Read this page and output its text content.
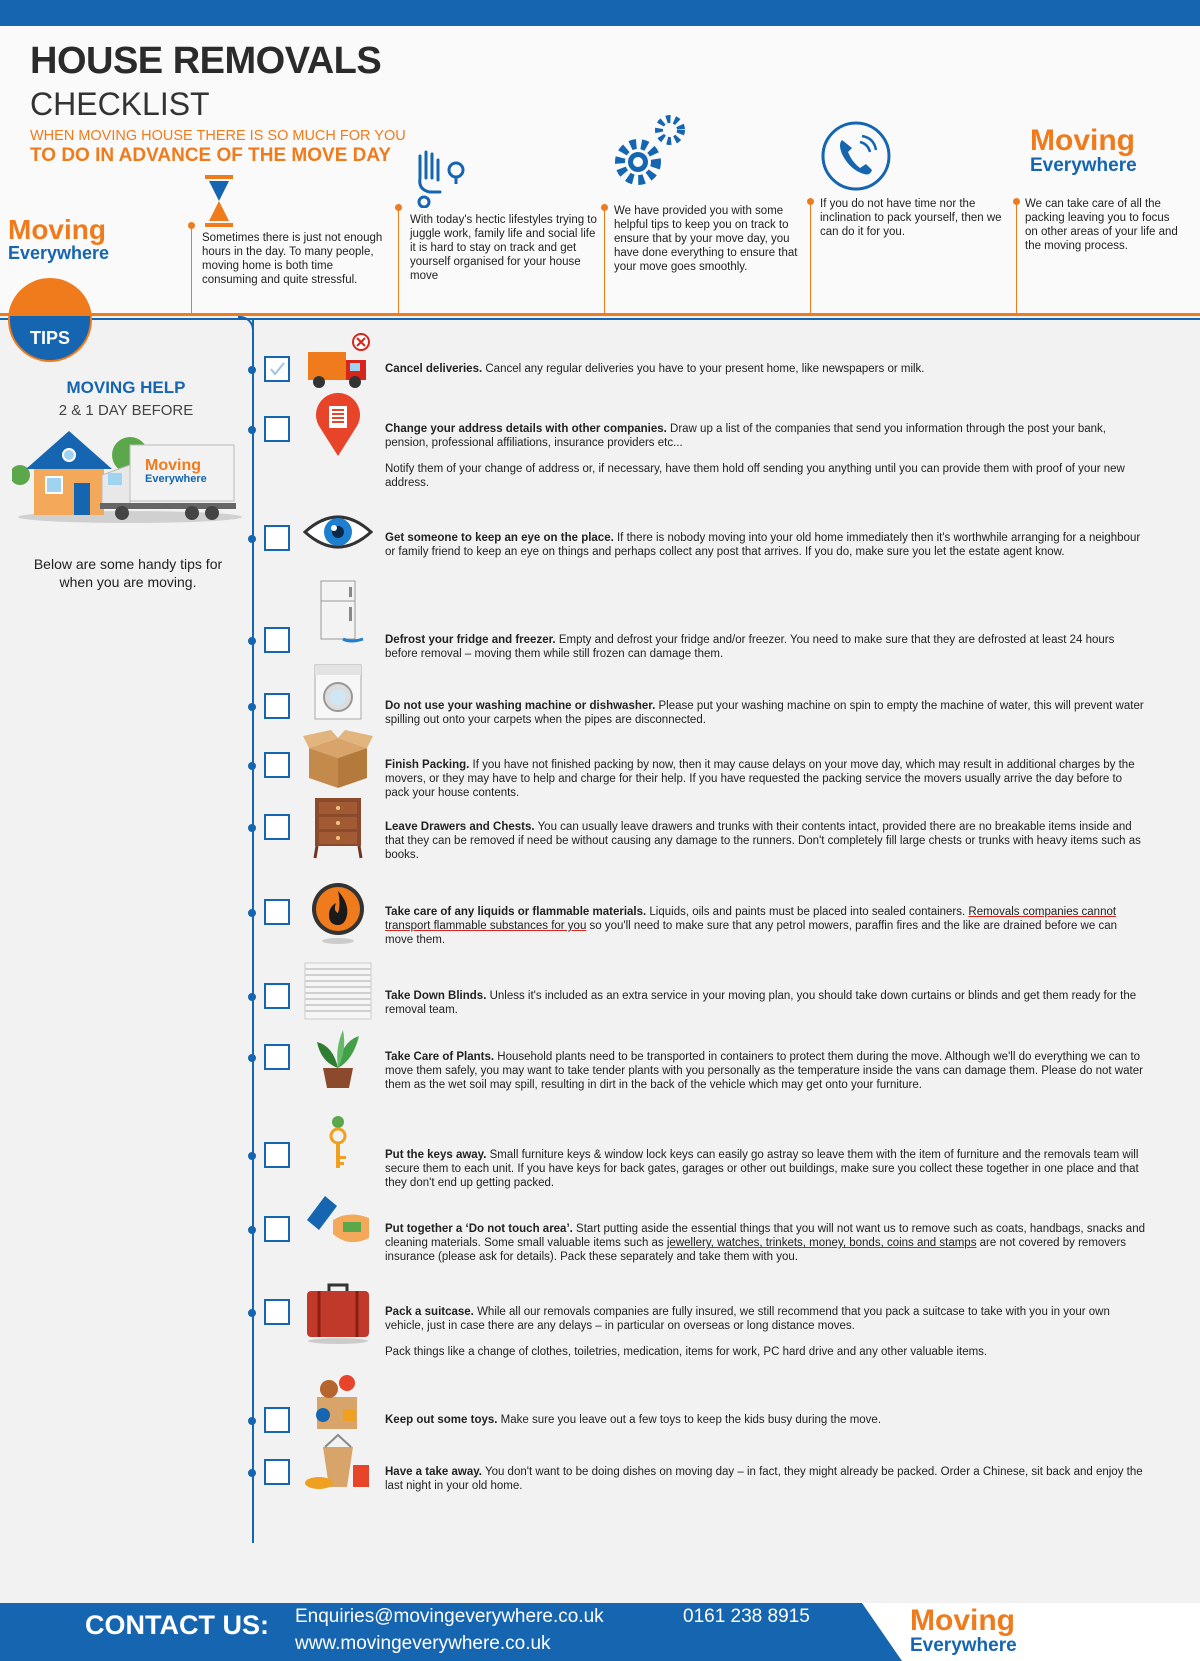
HOUSE REMOVALS
CHECKLIST
WHEN MOVING HOUSE THERE IS SO MUCH FOR YOU
TO DO IN ADVANCE OF THE MOVE DAY
Moving
Everywhere
Moving
Everywhere
Sometimes there is just not enough hours in the day. To many people, moving home is both time consuming and quite stressful.
With today's hectic lifestyles trying to juggle work, family life and social life it is hard to stay on track and get yourself organised for your house move
We have provided you with some helpful tips to keep you on track to ensure that by your move day, you have done everything to ensure that your move goes smoothly.
If you do not have time nor the inclination to pack yourself, then we can do it for you.
We can take care of all the packing leaving you to focus on other areas of your life and the moving process.
TIPS
MOVING HELP
2 & 1 DAY BEFORE
Moving
Everywhere
Below are some handy tips for when you are moving.
Cancel deliveries. Cancel any regular deliveries you have to your present home, like newspapers or milk.
Change your address details with other companies. Draw up a list of the companies that send you information through the post your bank, pension, professional affiliations, insurance providers etc...
Notify them of your change of address or, if necessary, have them hold off sending you anything until you can provide them with proof of your new address.
Get someone to keep an eye on the place. If there is nobody moving into your old home immediately then it's worthwhile arranging for a neighbour or family friend to keep an eye on things and perhaps collect any post that arrives. If you do, make sure you let the estate agent know.
Defrost your fridge and freezer. Empty and defrost your fridge and/or freezer. You need to make sure that they are defrosted at least 24 hours before removal – moving them while still frozen can damage them.
Do not use your washing machine or dishwasher. Please put your washing machine on spin to empty the machine of water, this will prevent water spilling out onto your carpets when the pipes are disconnected.
Finish Packing. If you have not finished packing by now, then it may cause delays on your move day, which may result in additional charges by the movers, or they may have to help and charge for their help. If you have requested the packing service the movers usually arrive the day before to pack your house contents.
Leave Drawers and Chests. You can usually leave drawers and trunks with their contents intact, provided there are no breakable items inside and that they can be removed if need be without causing any damage to the runners. Don't completely fill large chests or trunks with heavy items such as books.
Take care of any liquids or flammable materials. Liquids, oils and paints must be placed into sealed containers. Removals companies cannot transport flammable substances for you so you'll need to make sure that any petrol mowers, paraffin fires and the like are drained before we can move them.
Take Down Blinds. Unless it's included as an extra service in your moving plan, you should take down curtains or blinds and get them ready for the removal team.
Take Care of Plants. Household plants need to be transported in containers to protect them during the move. Although we'll do everything we can to move them safely, you may want to take tender plants with you personally as the temperature inside the vans can damage them. Please do not water them as the wet soil may spill, resulting in dirt in the back of the vehicle which may get onto your furniture.
Put the keys away. Small furniture keys & window lock keys can easily go astray so leave them with the item of furniture and the removals team will secure them to each unit. If you have keys for back gates, garages or other out buildings, make sure you collect these together in one place and that they don't end up getting packed.
Put together a ‘Do not touch area’. Start putting aside the essential things that you will not want us to remove such as coats, handbags, snacks and cleaning materials. Some small valuable items such as jewellery, watches, trinkets, money, bonds, coins and stamps are not covered by removers insurance (please ask for details). Pack these separately and take them with you.
Pack a suitcase. While all our removals companies are fully insured, we still recommend that you pack a suitcase to take with you in your own vehicle, just in case there are any delays – in particular on overseas or long distance moves.
Pack things like a change of clothes, toiletries, medication, items for work, PC hard drive and any other valuable items.
Keep out some toys. Make sure you leave out a few toys to keep the kids busy during the move.
Have a take away. You don't want to be doing dishes on moving day – in fact, they might already be packed. Order a Chinese, sit back and enjoy the last night in your old home.
CONTACT US: Enquiries@movingeverywhere.co.uk
www.movingeverywhere.co.uk
0161 238 8915	Moving
Everywhere
